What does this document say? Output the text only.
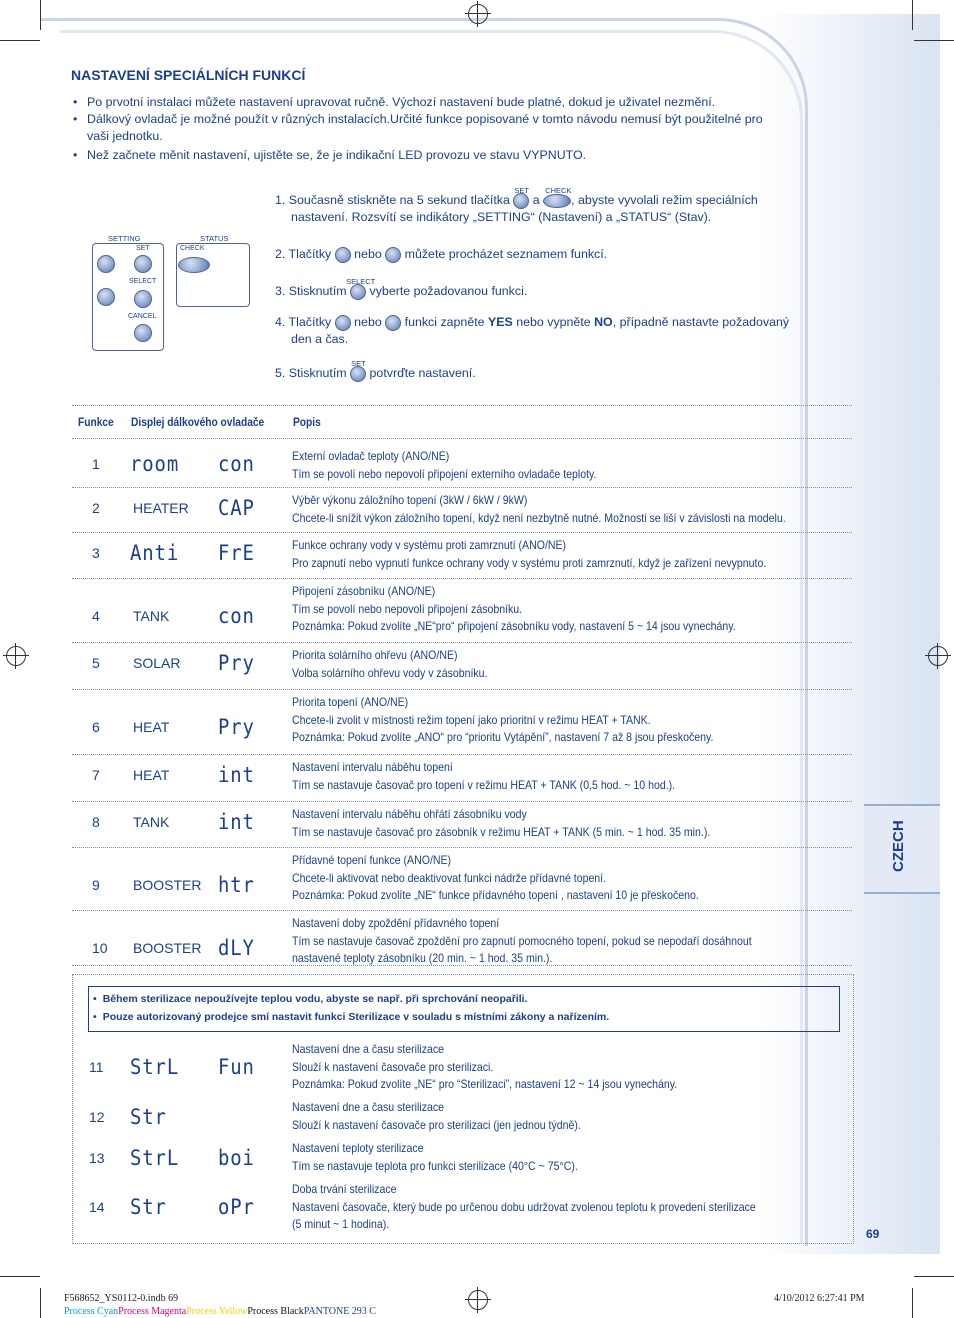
NASTAVENÍ SPECIÁLNÍCH FUNKCÍ
• Po prvotní instalaci můžete nastavení upravovat ručně. Výchozí nastavení bude platné, dokud je uživatel nezmění.
• Dálkový ovladač je možné použít v různých instalacích.Určité funkce popisované v tomto návodu nemusí být použitelné pro
vaši jednotku.
• Než začnete měnit nastavení, ujistěte se, že je indikační LED provozu ve stavu VYPNUTO.
SETTING	STATUS
SET	CHECK
SELECT
CANCEL
1. Současně stiskněte na 5 sekund tlačítka
SET
a
CHECK
, abyste vyvolali režim speciálních
nastavení. Rozsvítí se indikátory „SETTING“ (Nastavení) a „STATUS“ (Stav).
2. Tlačítky nebo můžete procházet seznamem funkcí.
3. Stisknutím
SELECT
vyberte požadovanou funkci.
4. Tlačítky nebo funkci zapněte YES nebo vypněte NO, případně nastavte požadovaný
den a čas.
5. Stisknutím
SET
potvrďte nastavení.
Funkce Displej dálkového ovladače Popis
1 room con	Externí ovladač teploty (ANO/NE)
Tím se povolí nebo nepovolí připojení externího ovladače teploty.
2 HEATER CAP	Výběr výkonu záložního topení (3kW / 6kW / 9kW)
Chcete-li snížit výkon záložního topení, když není nezbytně nutné. Možnosti se liší v závislosti na modelu.
3 Anti FrE	Funkce ochrany vody v systému proti zamrznutí (ANO/NE)
Pro zapnutí nebo vypnutí funkce ochrany vody v systému proti zamrznutí, když je zařízení nevypnuto.
4 TANK con
Připojení zásobníku (ANO/NE)
Tím se povolí nebo nepovolí připojení zásobníku.
Poznámka: Pokud zvolíte „NE“pro“ připojení zásobníku vody, nastavení 5 ~ 14 jsou vynechány.
5 SOLAR Pry	Priorita solárního ohřevu (ANO/NE)
Volba solárního ohřevu vody v zásobníku.
6 HEAT Pry
Priorita topení (ANO/NE)
Chcete-li zvolit v místnosti režim topení jako prioritní v režimu HEAT + TANK.
Poznámka: Pokud zvolíte „ANO“ pro “prioritu Vytápění”, nastavení 7 až 8 jsou přeskočeny.
7 HEAT int	Nastavení intervalu náběhu topení
Tím se nastavuje časovač pro topení v režimu HEAT + TANK (0,5 hod. ~ 10 hod.).
8 TANK int	Nastavení intervalu náběhu ohřátí zásobníku vody
Tím se nastavuje časovač pro zásobník v režimu HEAT + TANK (5 min. ~ 1 hod. 35 min.).
9 BOOSTER htr
Přídavné topení funkce (ANO/NE)
Chcete-li aktivovat nebo deaktivovat funkci nádrže přídavné topení.
Poznámka: Pokud zvolíte „NE“ funkce přídavného topení , nastavení 10 je přeskočeno.
10 BOOSTER dLY
Nastavení doby zpoždění přídavného topení
Tím se nastavuje časovač zpoždění pro zapnutí pomocného topení, pokud se nepodaří dosáhnout
nastavené teploty zásobníku (20 min. ~ 1 hod. 35 min.).
• Během sterilizace nepoužívejte teplou vodu, abyste se např. při sprchování neopařili.
• Pouze autorizovaný prodejce smí nastavit funkci Sterilizace v souladu s místními zákony a nařízením.
11 StrL Fun
Nastavení dne a času sterilizace
Slouží k nastavení časovače pro sterilizaci.
Poznámka: Pokud zvolíte „NE“ pro “Sterilizaci”, nastavení 12 ~ 14 jsou vynechány.
12 Str	Nastavení dne a času sterilizace
Slouží k nastavení časovače pro sterilizaci (jen jednou týdně).
13 StrL boi	Nastavení teploty sterilizace
Tím se nastavuje teplota pro funkci sterilizace (40°C ~ 75°C).
14 Str oPr
Doba trvání sterilizace
Nastavení časovače, který bude po určenou dobu udržovat zvolenou teplotu k provedení sterilizace
(5 minut ~ 1 hodina).
CZECH
69
F568652_YS0112-0.indb 69	4/10/2012 6:27:41 PM
Process CyanProcess MagentaProcess YellowProcess BlackPANTONE 293 C
